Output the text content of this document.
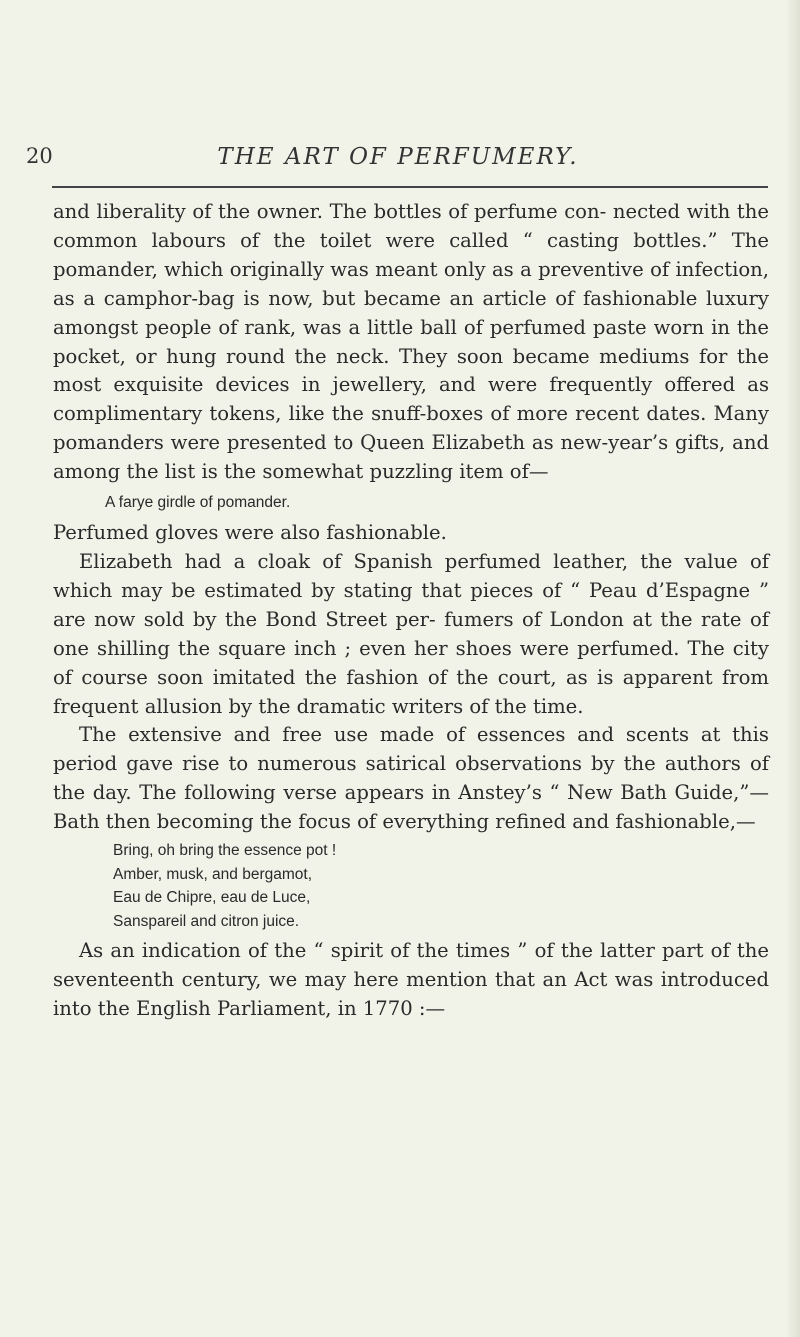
20	THE ART OF PERFUMERY.

and liberality of the owner. The bottles of perfume con- nected with the common labours of the toilet were called “ casting bottles.” The pomander, which originally was meant only as a preventive of infection, as a camphor-bag is now, but became an article of fashionable luxury amongst people of rank, was a little ball of perfumed paste worn in the pocket, or hung round the neck. They soon became mediums for the most exquisite devices in jewellery, and were frequently offered as complimentary tokens, like the snuff-boxes of more recent dates. Many pomanders were presented to Queen Elizabeth as new-year’s gifts, and among the list is the somewhat puzzling item of—

A farye girdle of pomander.

Perfumed gloves were also fashionable.

Elizabeth had a cloak of Spanish perfumed leather, the value of which may be estimated by stating that pieces of “ Peau d’Espagne ” are now sold by the Bond Street per- fumers of London at the rate of one shilling the square inch ; even her shoes were perfumed. The city of course soon imitated the fashion of the court, as is apparent from frequent allusion by the dramatic writers of the time.

The extensive and free use made of essences and scents at this period gave rise to numerous satirical observations by the authors of the day. The following verse appears in Anstey’s “ New Bath Guide,”—Bath then becoming the focus of everything refined and fashionable,—

Bring, oh bring the essence pot !
Amber, musk, and bergamot,
Eau de Chipre, eau de Luce,
Sanspareil and citron juice.

As an indication of the “ spirit of the times ” of the latter part of the seventeenth century, we may here mention that an Act was introduced into the English Parliament, in 1770 :—
